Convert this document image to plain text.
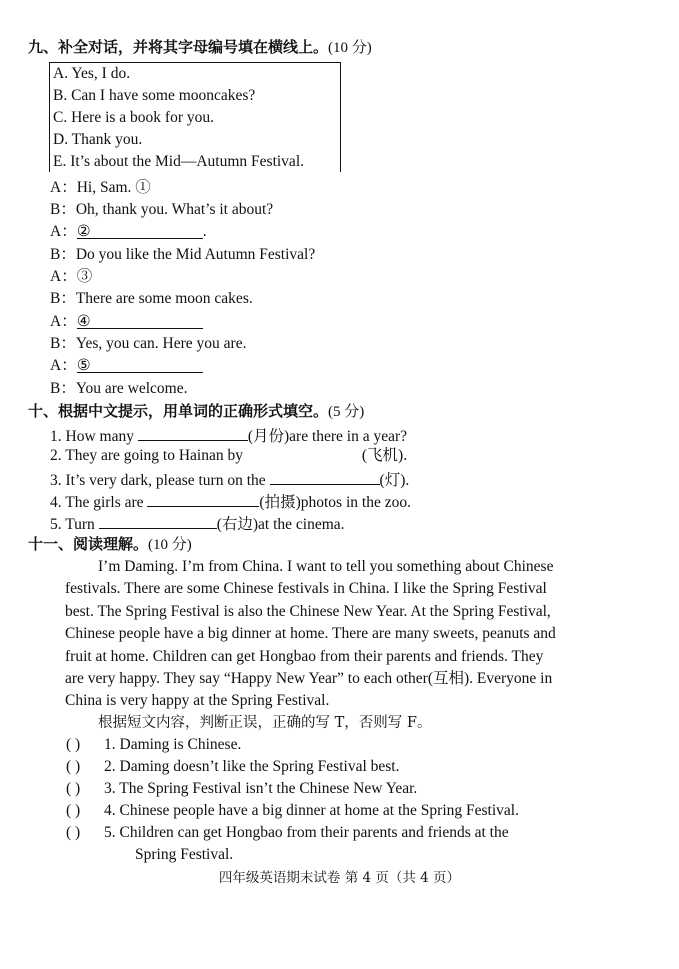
九、补全对话，并将其字母编号填在横线上。(10 分)
A. Yes, I do.
B. Can I have some mooncakes?
C. Here is a book for you.
D. Thank you.
E. It’s about the Mid—Autumn Festival.
A：Hi, Sam. ①
B：Oh, thank you. What’s it about?
A：②	.
B：Do you like the Mid Autumn Festival?
A：③
B：There are some moon cakes.
A：④
B：Yes, you can. Here you are.
A：⑤
B：You are welcome.
十、根据中文提示，用单词的正确形式填空。(5 分)
1. How many	(月份)are there in a year?
2. They are going to Hainan by	(飞机).
3. It’s very dark, please turn on the	(灯).
4. The girls are	(拍摄)photos in the zoo.
5. Turn	(右边)at the cinema.
十一、阅读理解。(10 分)
I’m Daming. I’m from China. I want to tell you something about Chinese
festivals. There are some Chinese festivals in China. I like the Spring Festival
best. The Spring Festival is also the Chinese New Year. At the Spring Festival,
Chinese people have a big dinner at home. There are many sweets, peanuts and
fruit at home. Children can get Hongbao from their parents and friends. They
are very happy. They say “Happy New Year” to each other(互相). Everyone in
China is very happy at the Spring Festival.
根据短文内容，判断正误，正确的写 T，否则写 F。
( ) 1. Daming is Chinese.
( ) 2. Daming doesn’t like the Spring Festival best.
( ) 3. The Spring Festival isn’t the Chinese New Year.
( ) 4. Chinese people have a big dinner at home at the Spring Festival.
( ) 5. Children can get Hongbao from their parents and friends at the
Spring Festival.
四年级英语期末试卷 第 4 页（共 4 页）
